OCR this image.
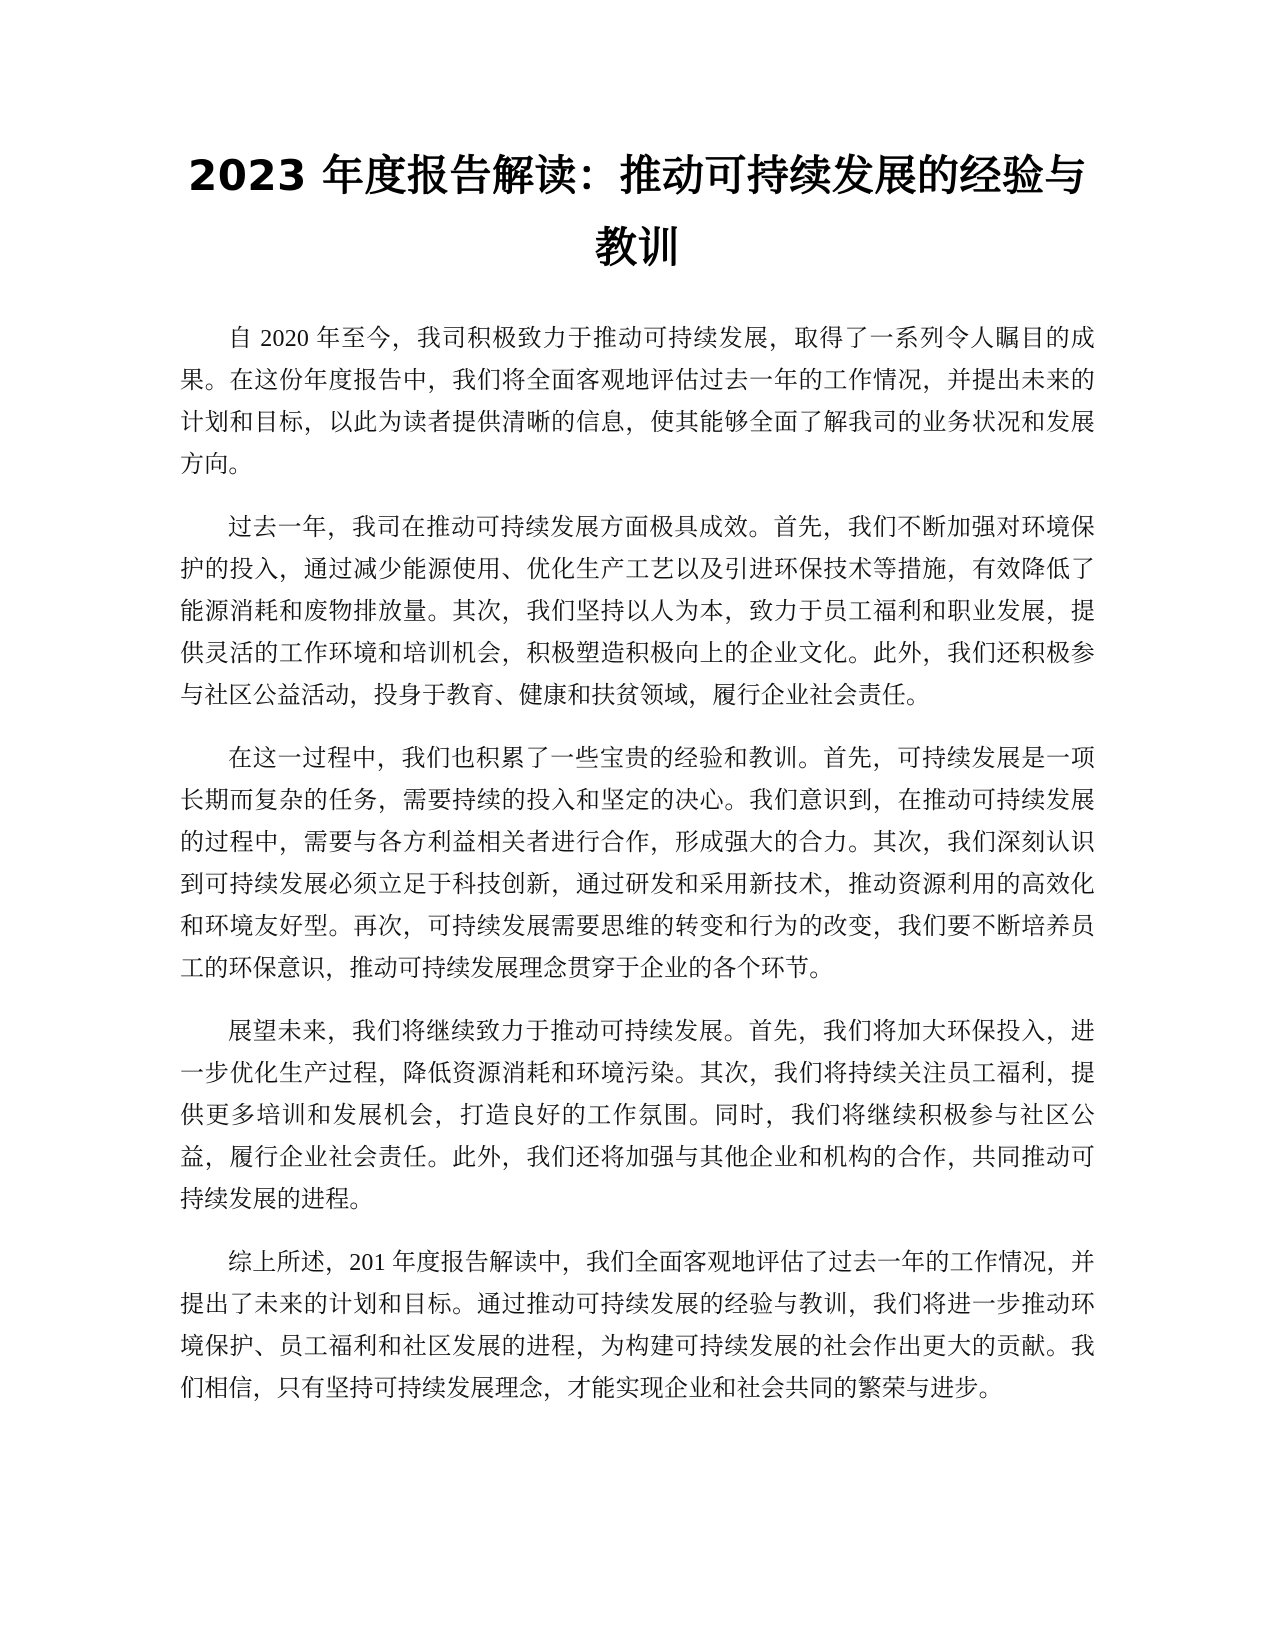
2023 年度报告解读：推动可持续发展的经验与教训

自 2020 年至今，我司积极致力于推动可持续发展，取得了一系列令人瞩目的成果。在这份年度报告中，我们将全面客观地评估过去一年的工作情况，并提出未来的计划和目标，以此为读者提供清晰的信息，使其能够全面了解我司的业务状况和发展方向。

过去一年，我司在推动可持续发展方面极具成效。首先，我们不断加强对环境保护的投入，通过减少能源使用、优化生产工艺以及引进环保技术等措施，有效降低了能源消耗和废物排放量。其次，我们坚持以人为本，致力于员工福利和职业发展，提供灵活的工作环境和培训机会，积极塑造积极向上的企业文化。此外，我们还积极参与社区公益活动，投身于教育、健康和扶贫领域，履行企业社会责任。

在这一过程中，我们也积累了一些宝贵的经验和教训。首先，可持续发展是一项长期而复杂的任务，需要持续的投入和坚定的决心。我们意识到，在推动可持续发展的过程中，需要与各方利益相关者进行合作，形成强大的合力。其次，我们深刻认识到可持续发展必须立足于科技创新，通过研发和采用新技术，推动资源利用的高效化和环境友好型。再次，可持续发展需要思维的转变和行为的改变，我们要不断培养员工的环保意识，推动可持续发展理念贯穿于企业的各个环节。

展望未来，我们将继续致力于推动可持续发展。首先，我们将加大环保投入，进一步优化生产过程，降低资源消耗和环境污染。其次，我们将持续关注员工福利，提供更多培训和发展机会，打造良好的工作氛围。同时，我们将继续积极参与社区公益，履行企业社会责任。此外，我们还将加强与其他企业和机构的合作，共同推动可持续发展的进程。

综上所述，201 年度报告解读中，我们全面客观地评估了过去一年的工作情况，并提出了未来的计划和目标。通过推动可持续发展的经验与教训，我们将进一步推动环境保护、员工福利和社区发展的进程，为构建可持续发展的社会作出更大的贡献。我们相信，只有坚持可持续发展理念，才能实现企业和社会共同的繁荣与进步。
